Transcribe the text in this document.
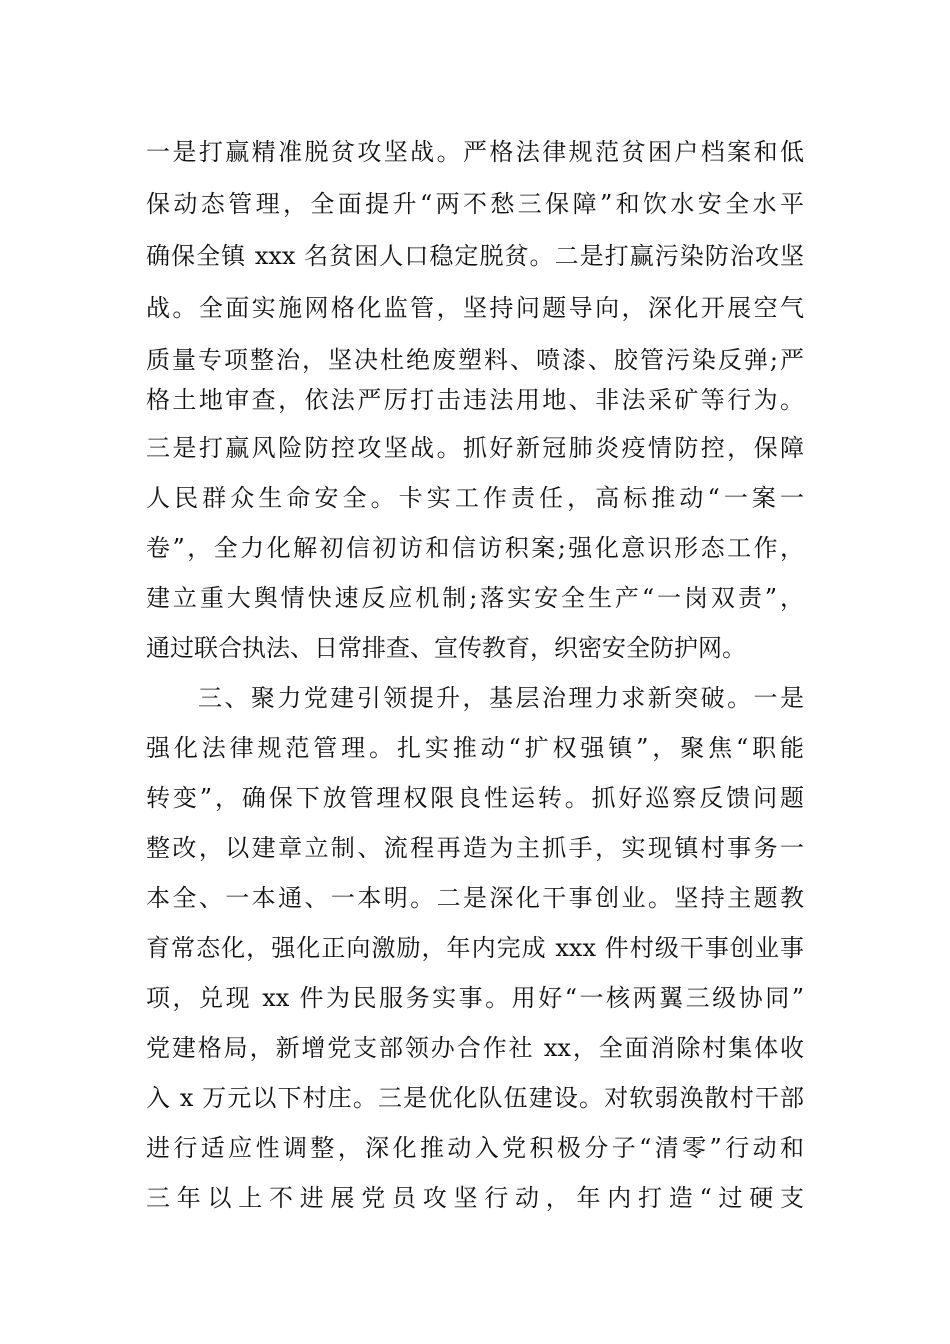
一是打赢精准脱贫攻坚战。严格法律规范贫困户档案和低
保动态管理，全面提升“两不愁三保障”和饮水安全水平
确保全镇 xxx 名贫困人口稳定脱贫。二是打赢污染防治攻坚
战。全面实施网格化监管，坚持问题导向，深化开展空气
质量专项整治，坚决杜绝废塑料、喷漆、胶管污染反弹;严
格土地审查，依法严厉打击违法用地、非法采矿等行为。
三是打赢风险防控攻坚战。抓好新冠肺炎疫情防控，保障
人民群众生命安全。卡实工作责任，高标推动“一案一
卷”，全力化解初信初访和信访积案;强化意识形态工作，
建立重大舆情快速反应机制;落实安全生产“一岗双责”，
通过联合执法、日常排查、宣传教育，织密安全防护网。
三、聚力党建引领提升，基层治理力求新突破。一是
强化法律规范管理。扎实推动“扩权强镇”，聚焦“职能
转变”，确保下放管理权限良性运转。抓好巡察反馈问题
整改，以建章立制、流程再造为主抓手，实现镇村事务一
本全、一本通、一本明。二是深化干事创业。坚持主题教
育常态化，强化正向激励，年内完成 xxx 件村级干事创业事
项，兑现 xx 件为民服务实事。用好“一核两翼三级协同”
党建格局，新增党支部领办合作社 xx，全面消除村集体收
入 x 万元以下村庄。三是优化队伍建设。对软弱涣散村干部
进行适应性调整，深化推动入党积极分子“清零”行动和
三年以上不进展党员攻坚行动，年内打造“过硬支
